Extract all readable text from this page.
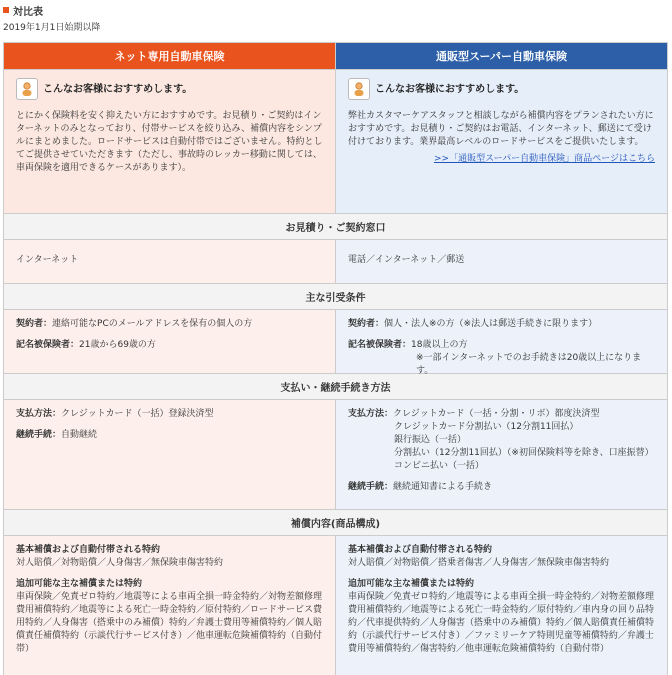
対比表
2019年1月1日始期以降
ネット専用自動車保険	通販型スーパー自動車保険
こんなお客様におすすめします。
とにかく保険料を安く抑えたい方におすすめです。お見積り・ご契約はインターネットのみとなっており、付帯サービスを絞り込み、補償内容をシンプルにまとめました。ロードサービスは自動付帯ではございません。特約としてご提供させていただきます（ただし、事故時のレッカー移動に関しては、車両保険を適用できるケースがあります）。
こんなお客様におすすめします。
弊社カスタマーケアスタッフと相談しながら補償内容をプランされたい方におすすめです。お見積り・ご契約はお電話、インターネット、郵送にて受け付けております。業界最高レベルのロードサービスをご提供いたします。
>>「通販型スーパー自動車保険」商品ページはこちら
お見積り・ご契約窓口
インターネット	電話／インターネット／郵送
主な引受条件
契約者：連絡可能なPCのメールアドレスを保有の個人の方
記名被保険者：21歳から69歳の方
契約者：個人・法人※の方（※法人は郵送手続きに限ります）
記名被保険者：18歳以上の方
※一部インターネットでのお手続きは20歳以上になります。
支払い・継続手続き方法
支払方法：クレジットカード（一括）登録決済型
継続手続：自動継続
支払方法：クレジットカード（一括・分割・リボ）都度決済型
クレジットカード分割払い（12分割11回払）
銀行振込（一括）
分割払い（12分割11回払）（※初回保険料等を除き、口座振替）
コンビニ払い（一括）
継続手続：継続通知書による手続き
補償内容(商品構成)
基本補償および自動付帯される特約
対人賠償／対物賠償／人身傷害／無保険車傷害特約
追加可能な主な補償または特約
車両保険／免責ゼロ特約／地震等による車両全損一時金特約／対物差額修理費用補償特約／地震等による死亡一時金特約／原付特約／ロードサービス費用特約／人身傷害（搭乗中のみ補償）特約／弁護士費用等補償特約／個人賠償責任補償特約（示談代行サービス付き）／他車運転危険補償特約（自動付帯）
基本補償および自動付帯される特約
対人賠償／対物賠償／搭乗者傷害／人身傷害／無保険車傷害特約
追加可能な主な補償または特約
車両保険／免責ゼロ特約／地震等による車両全損一時金特約／対物差額修理費用補償特約／地震等による死亡一時金特約／原付特約／車内身の回り品特約／代車提供特約／人身傷害（搭乗中のみ補償）特約／個人賠償責任補償特約（示談代行サービス付き）／ファミリーケア特則児童等補償特約／弁護士費用等補償特約／傷害特約／他車運転危険補償特約（自動付帯）
